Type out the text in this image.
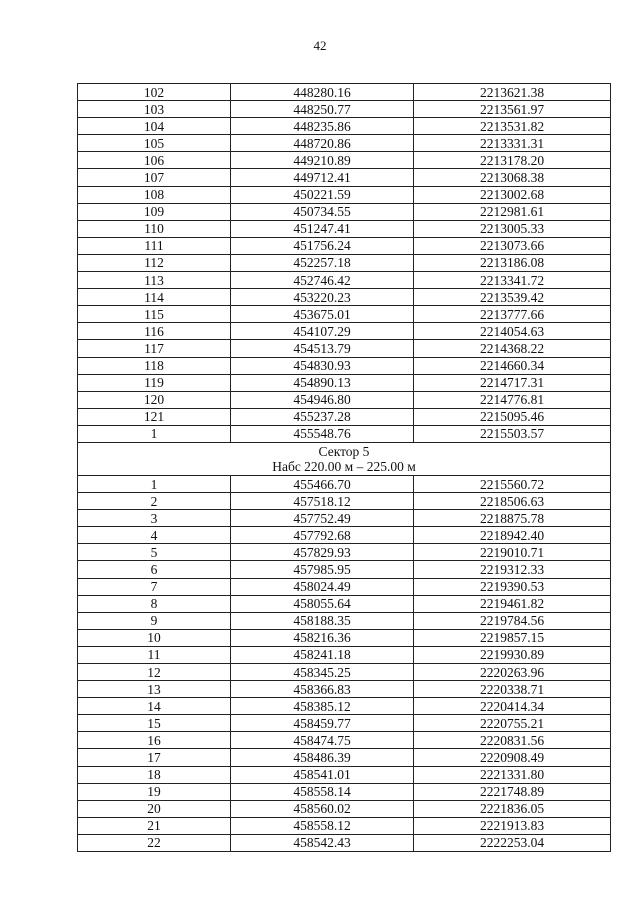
42
102	448280.16	2213621.38
103	448250.77	2213561.97
104	448235.86	2213531.82
105	448720.86	2213331.31
106	449210.89	2213178.20
107	449712.41	2213068.38
108	450221.59	2213002.68
109	450734.55	2212981.61
110	451247.41	2213005.33
111	451756.24	2213073.66
112	452257.18	2213186.08
113	452746.42	2213341.72
114	453220.23	2213539.42
115	453675.01	2213777.66
116	454107.29	2214054.63
117	454513.79	2214368.22
118	454830.93	2214660.34
119	454890.13	2214717.31
120	454946.80	2214776.81
121	455237.28	2215095.46
1	455548.76	2215503.57

Сектор 5
Набс 220.00 м – 225.00 м		

1	455466.70	2215560.72
2	457518.12	2218506.63
3	457752.49	2218875.78
4	457792.68	2218942.40
5	457829.93	2219010.71
6	457985.95	2219312.33
7	458024.49	2219390.53
8	458055.64	2219461.82
9	458188.35	2219784.56
10	458216.36	2219857.15
11	458241.18	2219930.89
12	458345.25	2220263.96
13	458366.83	2220338.71
14	458385.12	2220414.34
15	458459.77	2220755.21
16	458474.75	2220831.56
17	458486.39	2220908.49
18	458541.01	2221331.80
19	458558.14	2221748.89
20	458560.02	2221836.05
21	458558.12	2221913.83
22	458542.43	2222253.04
